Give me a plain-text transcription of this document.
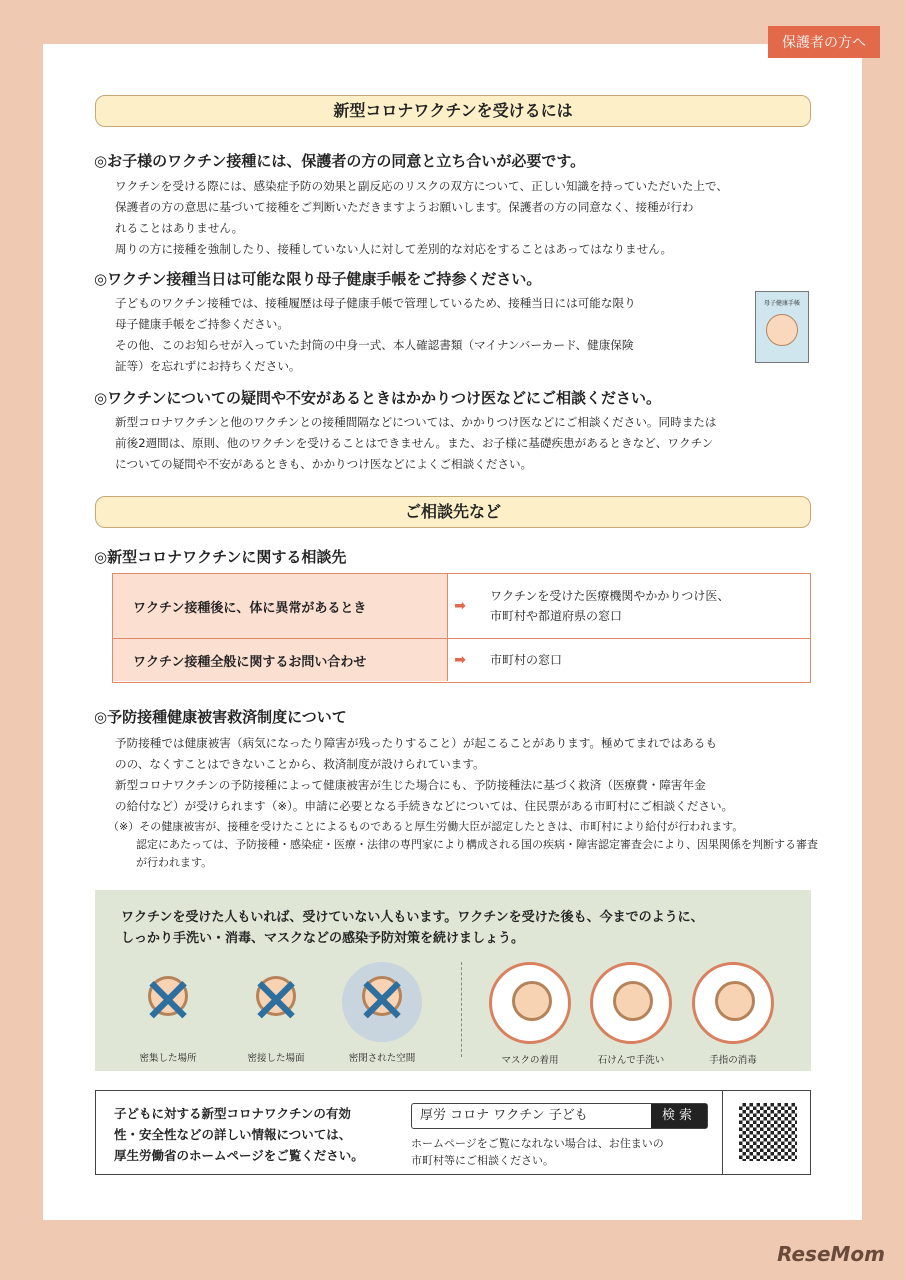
保護者の方へ
新型コロナワクチンを受けるには
◎お子様のワクチン接種には、保護者の方の同意と立ち合いが必要です。
ワクチンを受ける際には、感染症予防の効果と副反応のリスクの双方について、正しい知識を持っていただいた上で、
保護者の方の意思に基づいて接種をご判断いただきますようお願いします。保護者の方の同意なく、接種が行わ
れることはありません。
周りの方に接種を強制したり、接種していない人に対して差別的な対応をすることはあってはなりません。
◎ワクチン接種当日は可能な限り母子健康手帳をご持参ください。
子どものワクチン接種では、接種履歴は母子健康手帳で管理しているため、接種当日には可能な限り
母子健康手帳をご持参ください。
その他、このお知らせが入っていた封筒の中身一式、本人確認書類（マイナンバーカード、健康保険
証等）を忘れずにお持ちください。
母子健康手帳
◎ワクチンについての疑問や不安があるときはかかりつけ医などにご相談ください。
新型コロナワクチンと他のワクチンとの接種間隔などについては、かかりつけ医などにご相談ください。同時または
前後2週間は、原則、他のワクチンを受けることはできません。また、お子様に基礎疾患があるときなど、ワクチン
についての疑問や不安があるときも、かかりつけ医などによくご相談ください。
ご相談先など
◎新型コロナワクチンに関する相談先
ワクチン接種後に、体に異常があるとき	➡
ワクチンを受けた医療機関やかかりつけ医、
市町村や都道府県の窓口
ワクチン接種全般に関するお問い合わせ	➡	市町村の窓口
◎予防接種健康被害救済制度について
予防接種では健康被害（病気になったり障害が残ったりすること）が起こることがあります。極めてまれではあるも
のの、なくすことはできないことから、救済制度が設けられています。
新型コロナワクチンの予防接種によって健康被害が生じた場合にも、予防接種法に基づく救済（医療費・障害年金
の給付など）が受けられます（※）。申請に必要となる手続きなどについては、住民票がある市町村にご相談ください。
（※）その健康被害が、接種を受けたことによるものであると厚生労働大臣が認定したときは、市町村により給付が行われます。
認定にあたっては、予防接種・感染症・医療・法律の専門家により構成される国の疾病・障害認定審査会により、因果関係を判断する審査が行われます。
ワクチンを受けた人もいれば、受けていない人もいます。ワクチンを受けた後も、今までのように、
しっかり手洗い・消毒、マスクなどの感染予防対策を続けましょう。
✕
密集した場所
✕
密接した場面
✕
密閉された空間	マスクの着用	石けんで手洗い	手指の消毒
子どもに対する新型コロナワクチンの有効
性・安全性などの詳しい情報については、
厚生労働省のホームページをご覧ください。
厚労 コロナ ワクチン 子ども	検索
ホームページをご覧になれない場合は、お住まいの
市町村等にご相談ください。
ReseMom
